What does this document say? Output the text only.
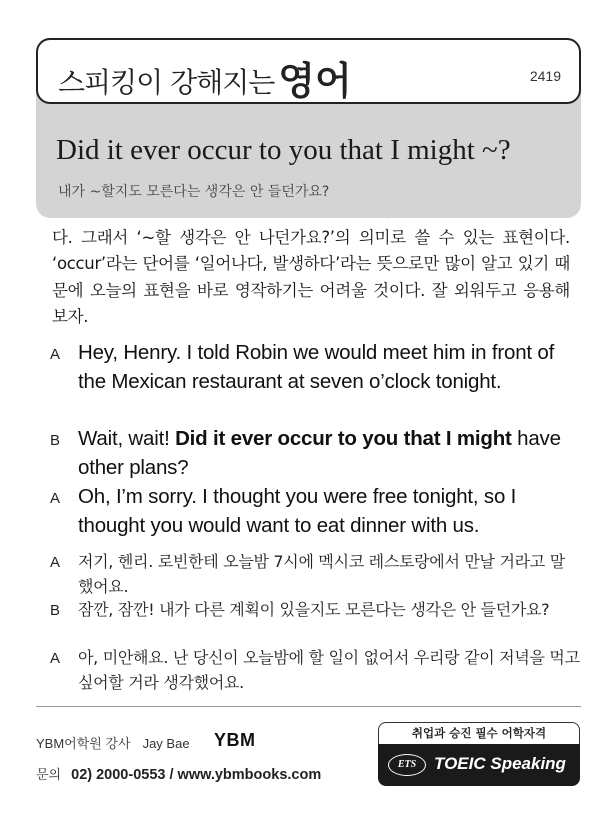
스피킹이 강해지는 영어	2419
Did it ever occur to you that I might ~?
내가 ~할지도 모른다는 생각은 안 들던가요?
다. 그래서 ‘~할 생각은 안 나던가요?’의 의미로 쓸 수 있는 표현이다. ‘occur’라는 단어를 ‘일어나다, 발생하다’라는 뜻으로만 많이 알고 있기 때문에 오늘의 표현을 바로 영작하기는 어려울 것이다. 잘 외워두고 응용해보자.
A Hey, Henry. I told Robin we would meet him in front of the Mexican restaurant at seven o’clock tonight.
B Wait, wait! Did it ever occur to you that I might have other plans?
A Oh, I’m sorry. I thought you were free tonight, so I thought you would want to eat dinner with us.
A 저기, 헨리. 로빈한테 오늘밤 7시에 멕시코 레스토랑에서 만날 거라고 말했어요.
B 잠깐, 잠깐! 내가 다른 계획이 있을지도 모른다는 생각은 안 들던가요?
A 아, 미안해요. 난 당신이 오늘밤에 할 일이 없어서 우리랑 같이 저녁을 먹고 싶어할 거라 생각했어요.
YBM어학원 강사 Jay Bae YBM
문의 02) 2000-0553 / www.ybmbooks.com
취업과 승진 필수 어학자격
ETS	TOEIC Speaking
